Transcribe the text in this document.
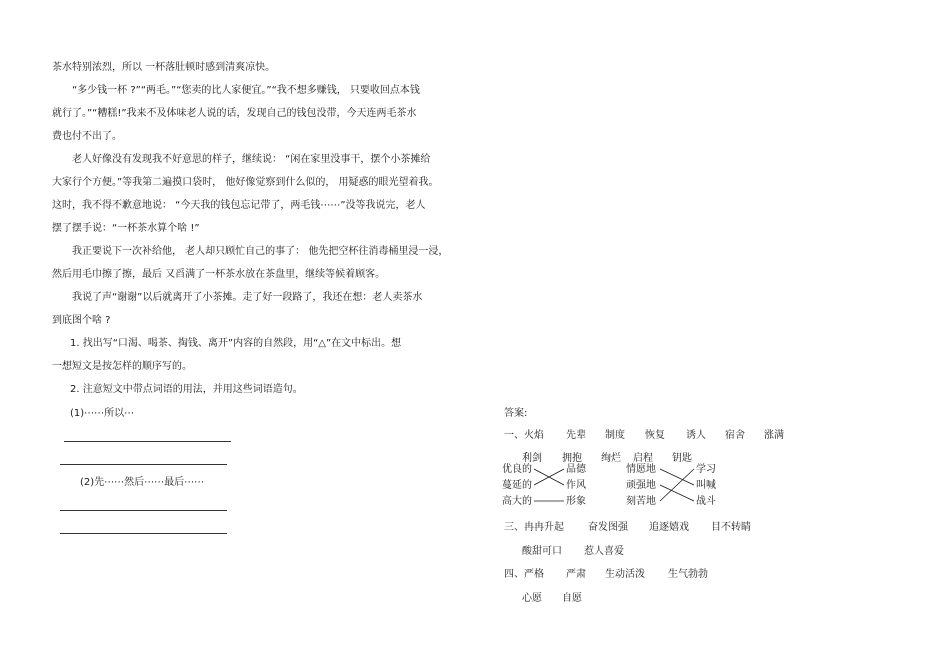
茶水特别浓烈，所以 一杯落肚顿时感到清爽凉快。
“多少钱一杯 ?”“两毛。”“您卖的比人家便宜。”“我不想多赚钱， 只要收回点本钱
就行了。”“糟糕!”我来不及体味老人说的话，发现自己的钱包没带，今天连两毛茶水
费也付不出了。
老人好像没有发现我不好意思的样子，继续说： “闲在家里没事干，摆个小茶摊给
大家行个方便。”等我第二遍摸口袋时， 他好像觉察到什么似的， 用疑惑的眼光望着我。
这时，我不得不歉意地说： “今天我的钱包忘记带了，两毛钱⋯⋯”没等我说完，老人
摆了摆手说：“一杯茶水算个啥 !”
我正要说下一次补给他， 老人却只顾忙自己的事了： 他先把空杯往消毒桶里浸一浸，
然后用毛巾擦了擦，最后 又舀满了一杯茶水放在茶盘里，继续等候着顾客。
我说了声“谢谢”以后就离开了小茶摊。走了好一段路了，我还在想：老人卖茶水
到底图个啥 ?
1. 找出写“口渴、喝茶、掏钱、离开”内容的自然段，用“△”在文中标出。想
一想短文是按怎样的顺序写的。
2. 注意短文中带点词语的用法，并用这些词语造句。
(1)⋯⋯所以⋯
(2)先⋯⋯然后⋯⋯最后⋯⋯
答案:
一、火焰 先辈 制度 恢复 诱人 宿舍 涨满
利剑 拥抱 绚烂 启程 钥匙
优良的
蔓延的
高大的
品德
作风
形象
情愿地
顽强地
刻苦地
学习
叫喊
战斗
三、冉冉升起 奋发图强 追逐嬉戏 目不转睛
酸甜可口 惹人喜爱
四、严格 严肃 生动活泼 生气勃勃
心愿 自愿
